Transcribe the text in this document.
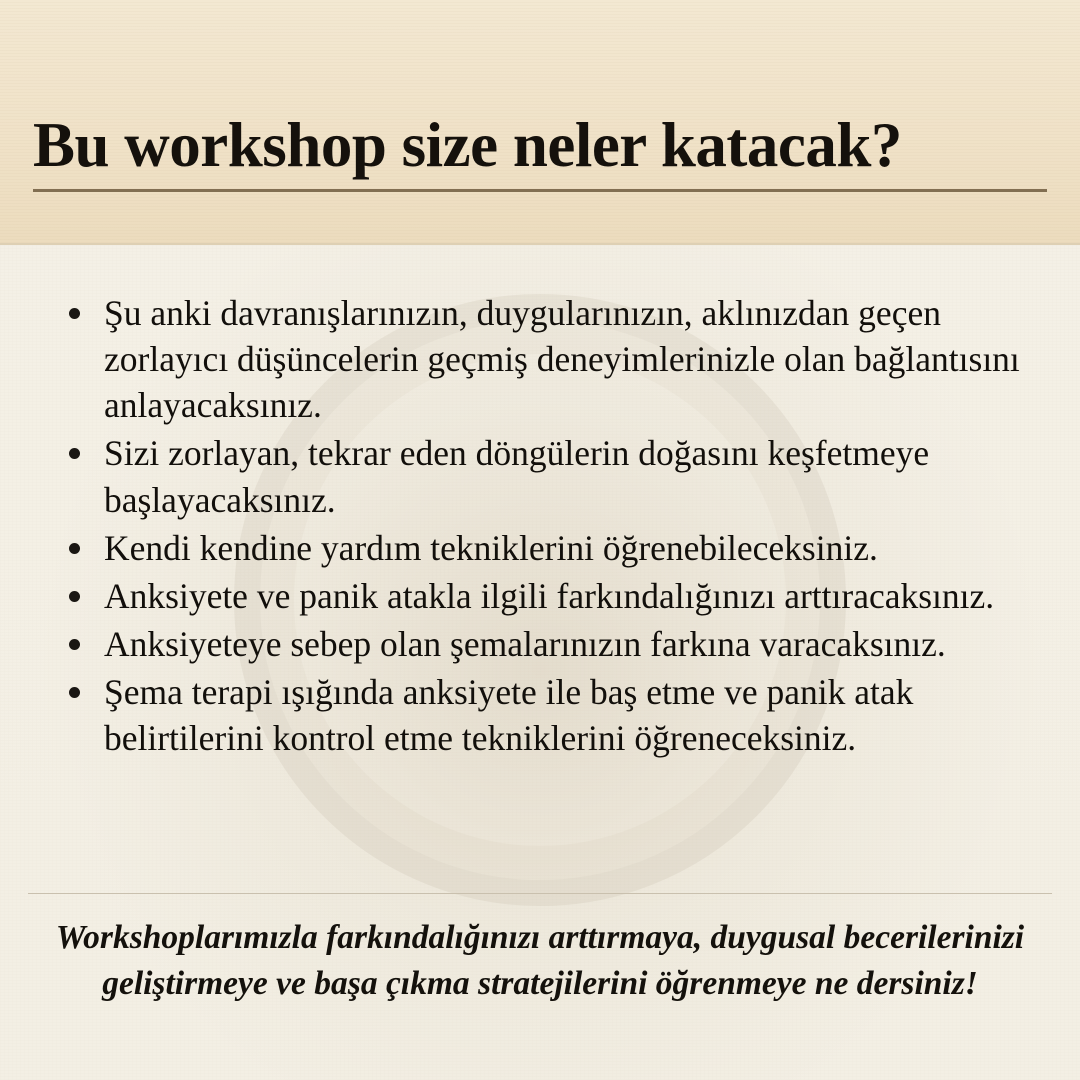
Bu workshop size neler katacak?
Şu anki davranışlarınızın, duygularınızın, aklınızdan geçen zorlayıcı düşüncelerin geçmiş deneyimlerinizle olan bağlantısını anlayacaksınız.
Sizi zorlayan, tekrar eden döngülerin doğasını keşfetmeye başlayacaksınız.
Kendi kendine yardım tekniklerini öğrenebileceksiniz.
Anksiyete ve panik atakla ilgili farkındalığınızı arttıracaksınız.
Anksiyeteye sebep olan şemalarınızın farkına varacaksınız.
Şema terapi ışığında anksiyete ile baş etme ve panik atak belirtilerini kontrol etme tekniklerini öğreneceksiniz.
Workshoplarımızla farkındalığınızı arttırmaya, duygusal becerilerinizi geliştirmeye ve başa çıkma stratejilerini öğrenmeye ne dersiniz!
